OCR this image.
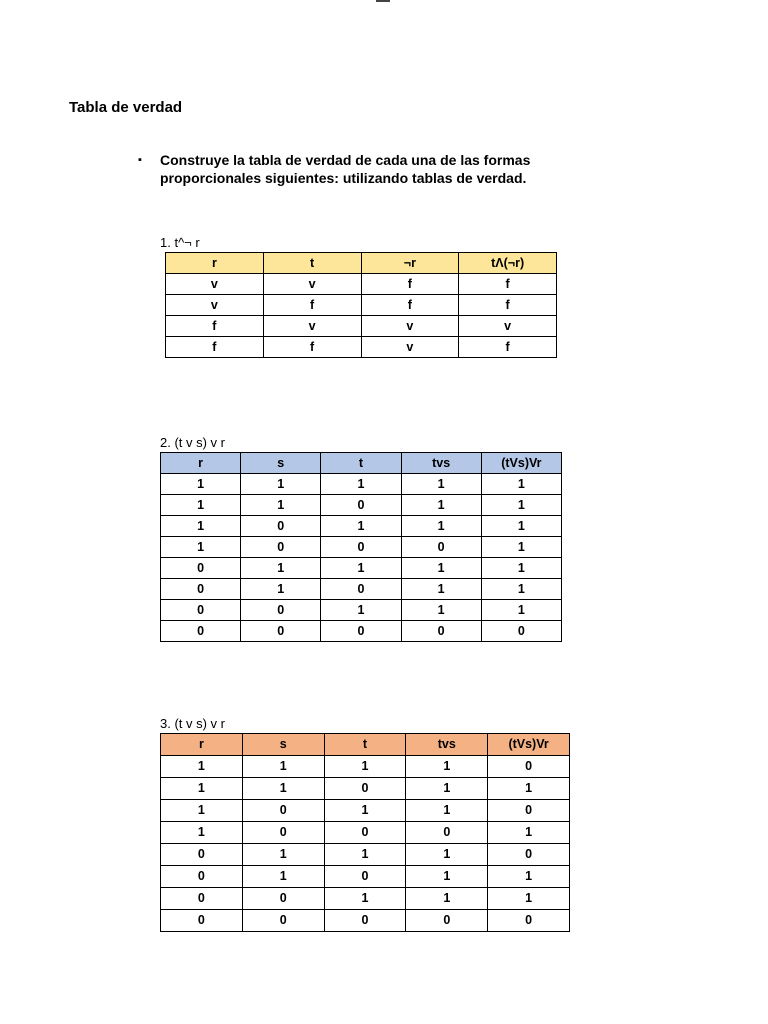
Tabla de verdad
▪ Construye la tabla de verdad de cada una de las formas proporcionales siguientes: utilizando tablas de verdad.
1. t^¬ r
r	t	¬r	tΛ(¬r)
v	v	f	f
v	f	f	f
f	v	v	v
f	f	v	f
2. (t v s) v r
r	s	t	tvs	(tVs)Vr
1	1	1	1	1
1	1	0	1	1
1	0	1	1	1
1	0	0	0	1
0	1	1	1	1
0	1	0	1	1
0	0	1	1	1
0	0	0	0	0
3. (t v s) v r
r	s	t	tvs	(tVs)Vr
1	1	1	1	0
1	1	0	1	1
1	0	1	1	0
1	0	0	0	1
0	1	1	1	0
0	1	0	1	1
0	0	1	1	1
0	0	0	0	0
